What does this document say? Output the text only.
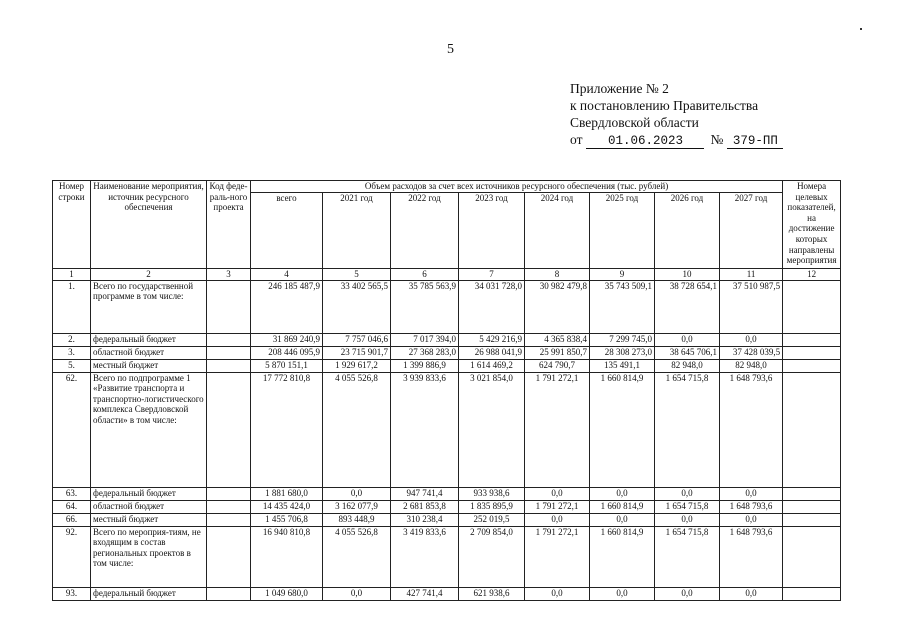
5
Приложение № 2
к постановлению Правительства
Свердловской области
от 01.06.2023 № 379-ПП
Номер строки	Наименование мероприятия, источник ресурсного обеспечения	Код феде-раль-ного проекта	Объем расходов за счет всех источников ресурсного обеспечения (тыс. рублей)								Номера целевых показателей, на достижение которых направлены мероприятия
			всего	2021 год	2022 год	2023 год	2024 год	2025 год	2026 год	2027 год	
1	2	3	4	5	6	7	8	9	10	11	12
1.	Всего по государственной программе в том числе:		246 185 487,9	33 402 565,5	35 785 563,9	34 031 728,0	30 982 479,8	35 743 509,1	38 728 654,1	37 510 987,5	
2.	федеральный бюджет		31 869 240,9	7 757 046,6	7 017 394,0	5 429 216,9	4 365 838,4	7 299 745,0	0,0	0,0	
3.	областной бюджет		208 446 095,9	23 715 901,7	27 368 283,0	26 988 041,9	25 991 850,7	28 308 273,0	38 645 706,1	37 428 039,5	
5.	местный бюджет		5 870 151,1	1 929 617,2	1 399 886,9	1 614 469,2	624 790,7	135 491,1	82 948,0	82 948,0	
62.	Всего по подпрограмме 1 «Развитие транспорта и транспортно-логистического комплекса Свердловской области» в том числе:		17 772 810,8	4 055 526,8	3 939 833,6	3 021 854,0	1 791 272,1	1 660 814,9	1 654 715,8	1 648 793,6	
63.	федеральный бюджет		1 881 680,0	0,0	947 741,4	933 938,6	0,0	0,0	0,0	0,0	
64.	областной бюджет		14 435 424,0	3 162 077,9	2 681 853,8	1 835 895,9	1 791 272,1	1 660 814,9	1 654 715,8	1 648 793,6	
66.	местный бюджет		1 455 706,8	893 448,9	310 238,4	252 019,5	0,0	0,0	0,0	0,0	
92.	Всего по мероприя-тиям, не входящим в состав региональных проектов в том числе:		16 940 810,8	4 055 526,8	3 419 833,6	2 709 854,0	1 791 272,1	1 660 814,9	1 654 715,8	1 648 793,6	
93.	федеральный бюджет		1 049 680,0	0,0	427 741,4	621 938,6	0,0	0,0	0,0	0,0	
